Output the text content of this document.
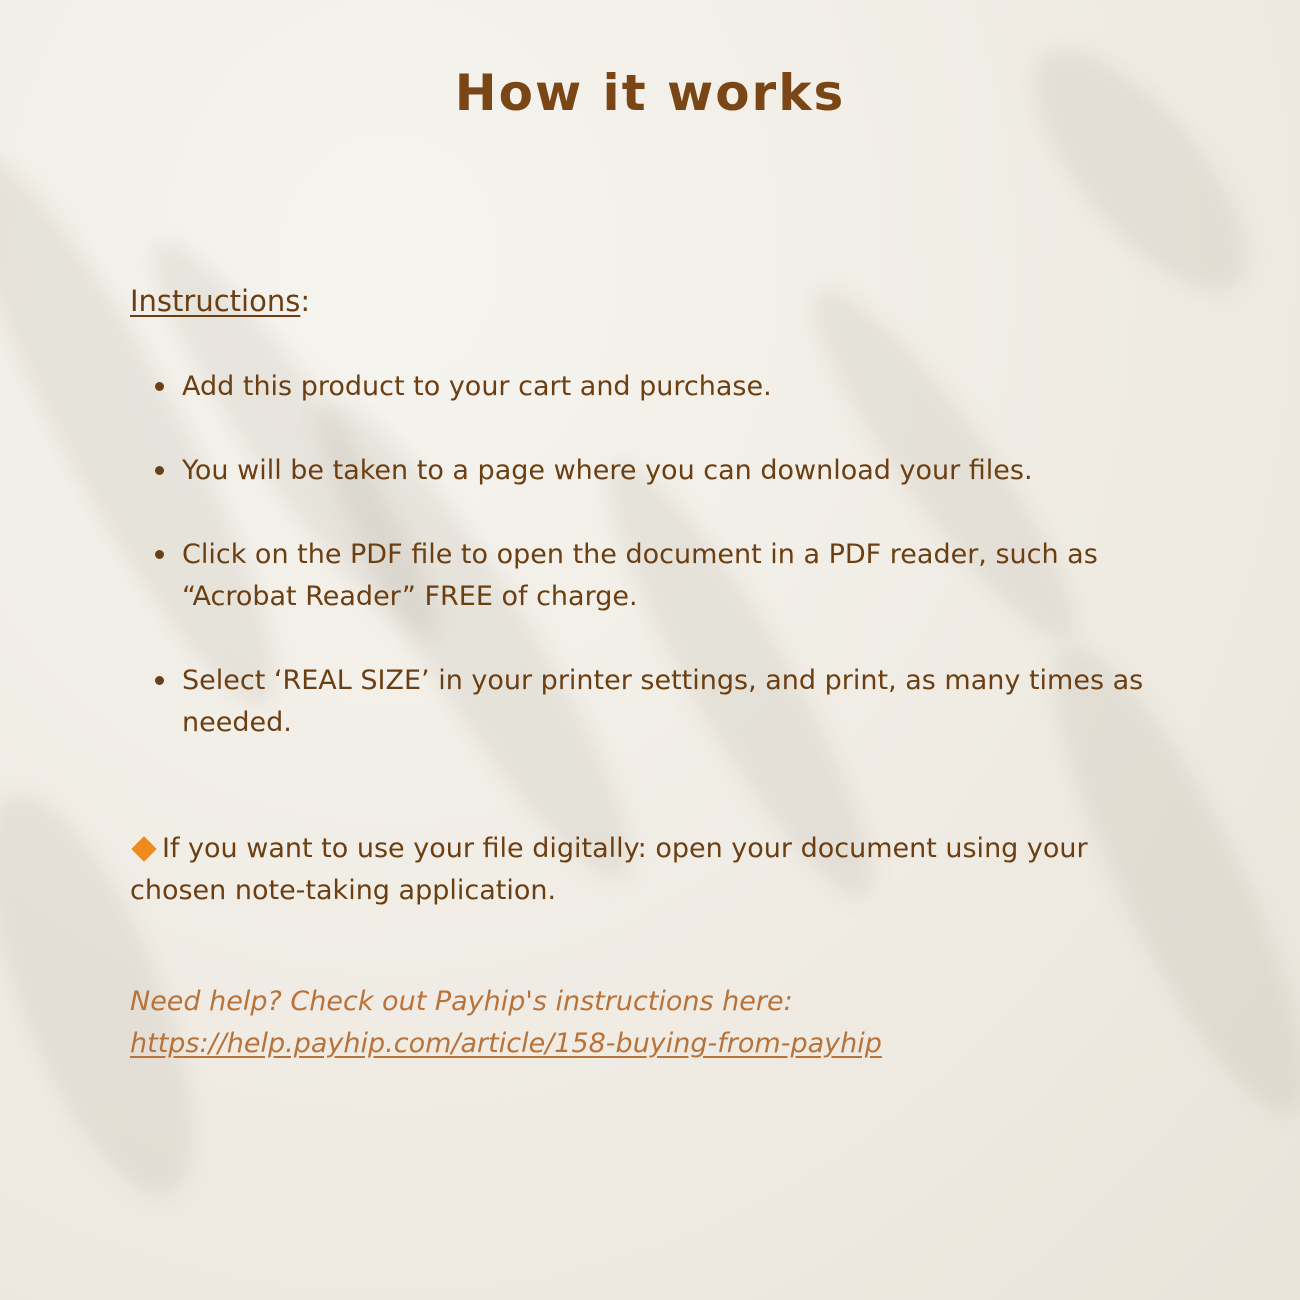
How it works
Instructions:
Add this product to your cart and purchase.
You will be taken to a page where you can download your files.
Click on the PDF file to open the document in a PDF reader, such as “Acrobat Reader” FREE of charge.
Select ‘REAL SIZE’ in your printer settings, and print, as many times as needed.
If you want to use your file digitally: open your document using your chosen note-taking application.
Need help? Check out Payhip's instructions here:
https://help.payhip.com/article/158-buying-from-payhip
